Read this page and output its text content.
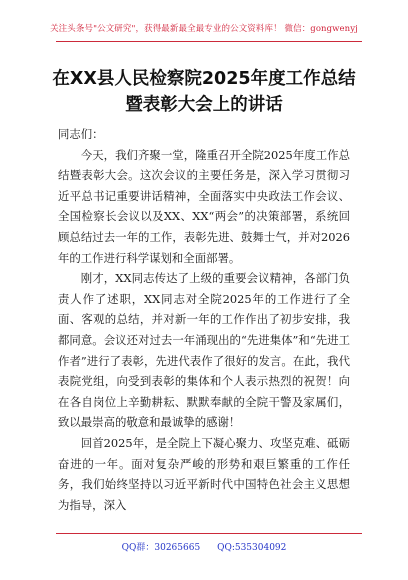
关注头条号"公文研究"，获得最新最全最专业的公文资料库！ 微信：gongwenyj
在XX县人民检察院2025年度工作总结
暨表彰大会上的讲话

同志们：

今天，我们齐聚一堂，隆重召开全院2025年度工作总结暨表彰大会。这次会议的主要任务是，深入学习贯彻习近平总书记重要讲话精神，全面落实中央政法工作会议、全国检察长会议以及XX、XX“两会”的决策部署，系统回顾总结过去一年的工作，表彰先进、鼓舞士气，并对2026年的工作进行科学谋划和全面部署。

刚才，XX同志传达了上级的重要会议精神，各部门负责人作了述职，XX同志对全院2025年的工作进行了全面、客观的总结，并对新一年的工作作出了初步安排，我都同意。会议还对过去一年涌现出的“先进集体”和“先进工作者”进行了表彰，先进代表作了很好的发言。在此，我代表院党组，向受到表彰的集体和个人表示热烈的祝贺！向在各自岗位上辛勤耕耘、默默奉献的全院干警及家属们，致以最崇高的敬意和最诚挚的感谢！

回首2025年，是全院上下凝心聚力、攻坚克难、砥砺奋进的一年。面对复杂严峻的形势和艰巨繁重的工作任务，我们始终坚持以习近平新时代中国特色社会主义思想为指导，深入

QQ群：30265665 QQ:535304092
